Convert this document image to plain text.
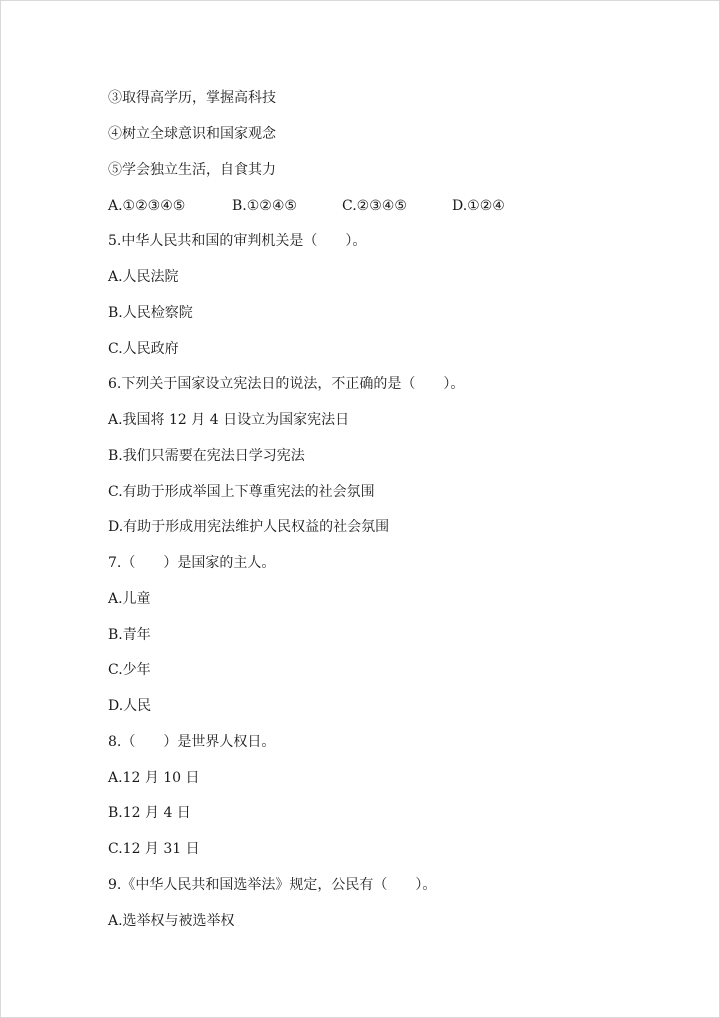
③取得高学历，掌握高科技
④树立全球意识和国家观念
⑤学会独立生活，自食其力
A.①②③④⑤	B.①②④⑤	C.②③④⑤	D.①②④
5.中华人民共和国的审判机关是（　　）。
A.人民法院
B.人民检察院
C.人民政府
6.下列关于国家设立宪法日的说法，不正确的是（　　）。
A.我国将 12 月 4 日设立为国家宪法日
B.我们只需要在宪法日学习宪法
C.有助于形成举国上下尊重宪法的社会氛围
D.有助于形成用宪法维护人民权益的社会氛围
7.（　　）是国家的主人。
A.儿童
B.青年
C.少年
D.人民
8.（　　）是世界人权日。
A.12 月 10 日
B.12 月 4 日
C.12 月 31 日
9.《中华人民共和国选举法》规定，公民有（　　）。
A.选举权与被选举权
